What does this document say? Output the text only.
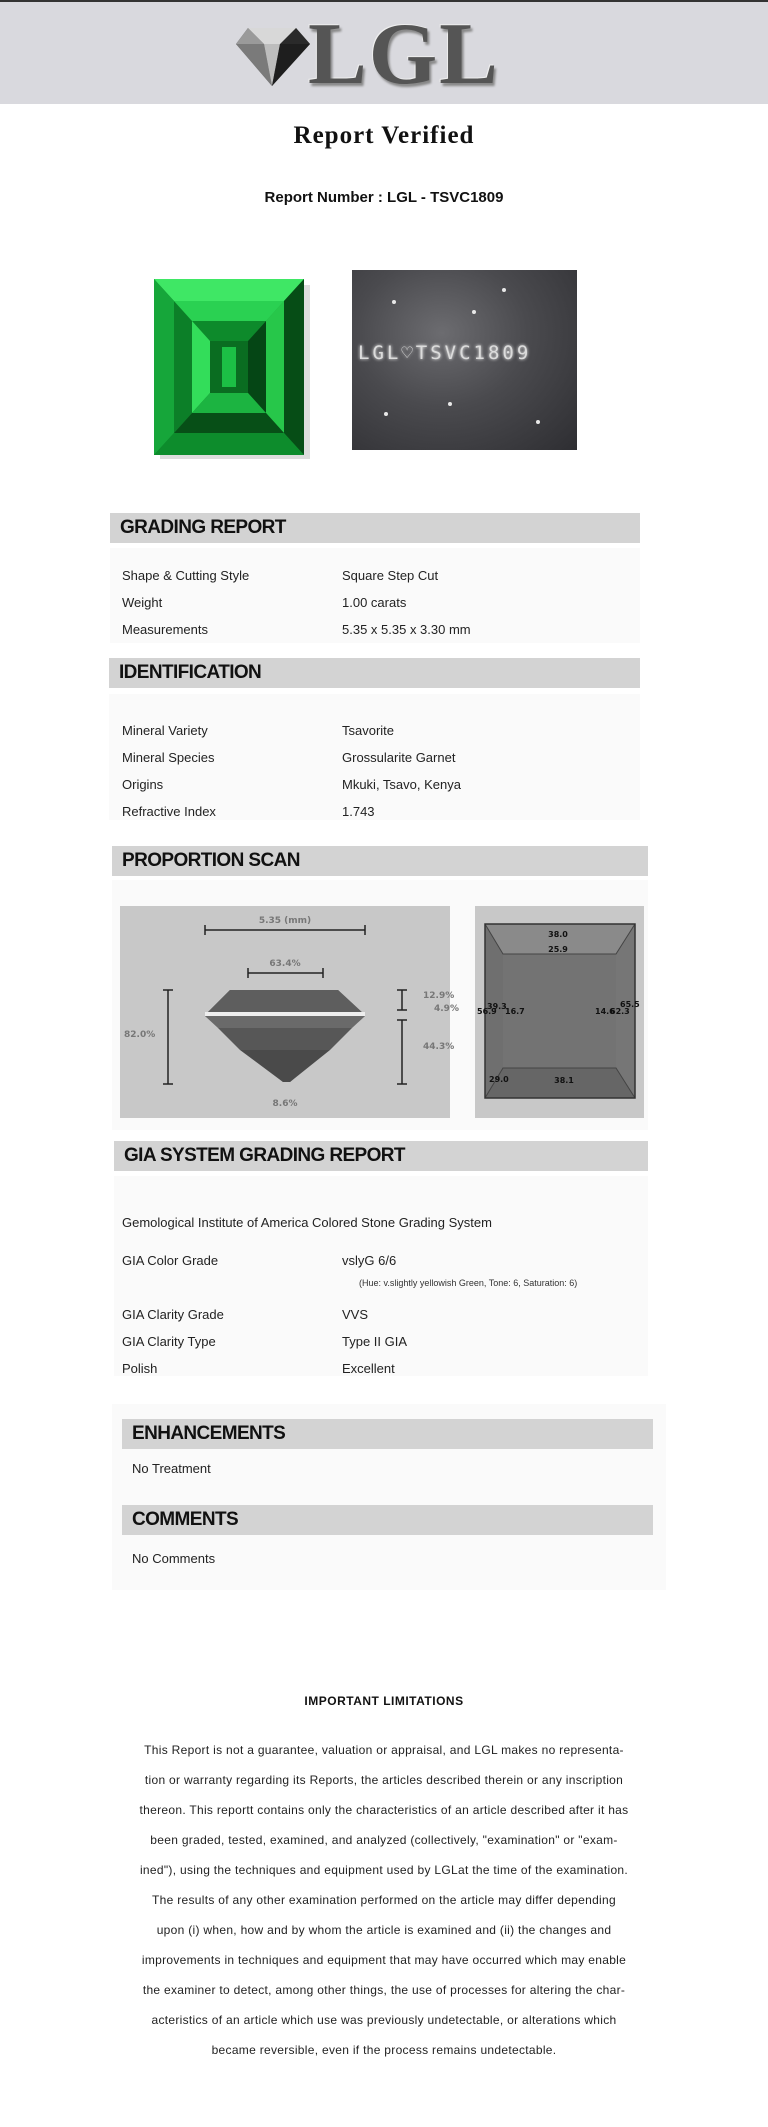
LGL
Report Verified
Report Number : LGL - TSVC1809
LGL♡TSVC1809
GRADING REPORT
Shape & Cutting Style	Square Step Cut
Weight	1.00 carats
Measurements	5.35 x 5.35 x 3.30 mm
IDENTIFICATION
Mineral Variety	Tsavorite
Mineral Species	Grossularite Garnet
Origins	Mkuki, Tsavo, Kenya
Refractive Index	1.743
PROPORTION SCAN
5.35 (mm)
63.4%
82.0%
12.9%
4.9%
44.3%
8.6%
38.0
25.9
56.9
39.3
16.7	14.6
62.3
65.5
29.0	38.1
GIA SYSTEM GRADING REPORT
Gemological Institute of America Colored Stone Grading System
GIA Color Grade	vslyG 6/6
(Hue: v.slightly yellowish Green, Tone: 6, Saturation: 6)
GIA Clarity Grade	VVS
GIA Clarity Type	Type II GIA
Polish	Excellent
ENHANCEMENTS
No Treatment
COMMENTS
No Comments
IMPORTANT LIMITATIONS
This Report is not a guarantee, valuation or appraisal, and LGL makes no representa-
tion or warranty regarding its Reports, the articles described therein or any inscription
thereon. This reportt contains only the characteristics of an article described after it has
been graded, tested, examined, and analyzed (collectively, "examination" or "exam-
ined"), using the techniques and equipment used by LGLat the time of the examination.
The results of any other examination performed on the article may differ depending
upon (i) when, how and by whom the article is examined and (ii) the changes and
improvements in techniques and equipment that may have occurred which may enable
the examiner to detect, among other things, the use of processes for altering the char-
acteristics of an article which use was previously undetectable, or alterations which
became reversible, even if the process remains undetectable.
